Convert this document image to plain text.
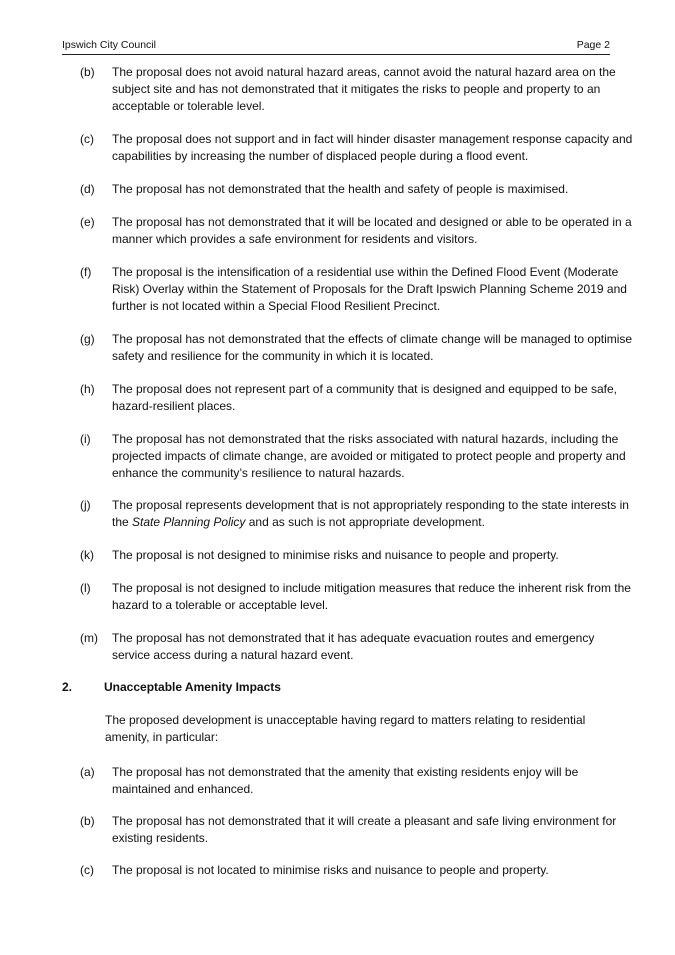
Ipswich City Council	Page 2
(b) The proposal does not avoid natural hazard areas, cannot avoid the natural hazard area on the subject site and has not demonstrated that it mitigates the risks to people and property to an acceptable or tolerable level.
(c) The proposal does not support and in fact will hinder disaster management response capacity and capabilities by increasing the number of displaced people during a flood event.
(d) The proposal has not demonstrated that the health and safety of people is maximised.
(e) The proposal has not demonstrated that it will be located and designed or able to be operated in a manner which provides a safe environment for residents and visitors.
(f) The proposal is the intensification of a residential use within the Defined Flood Event (Moderate Risk) Overlay within the Statement of Proposals for the Draft Ipswich Planning Scheme 2019 and further is not located within a Special Flood Resilient Precinct.
(g) The proposal has not demonstrated that the effects of climate change will be managed to optimise safety and resilience for the community in which it is located.
(h) The proposal does not represent part of a community that is designed and equipped to be safe, hazard-resilient places.
(i) The proposal has not demonstrated that the risks associated with natural hazards, including the projected impacts of climate change, are avoided or mitigated to protect people and property and enhance the community’s resilience to natural hazards.
(j) The proposal represents development that is not appropriately responding to the state interests in the State Planning Policy and as such is not appropriate development.
(k) The proposal is not designed to minimise risks and nuisance to people and property.
(l) The proposal is not designed to include mitigation measures that reduce the inherent risk from the hazard to a tolerable or acceptable level.
(m) The proposal has not demonstrated that it has adequate evacuation routes and emergency service access during a natural hazard event.
2.	Unacceptable Amenity Impacts
The proposed development is unacceptable having regard to matters relating to residential amenity, in particular:
(a) The proposal has not demonstrated that the amenity that existing residents enjoy will be maintained and enhanced.
(b) The proposal has not demonstrated that it will create a pleasant and safe living environment for existing residents.
(c) The proposal is not located to minimise risks and nuisance to people and property.
